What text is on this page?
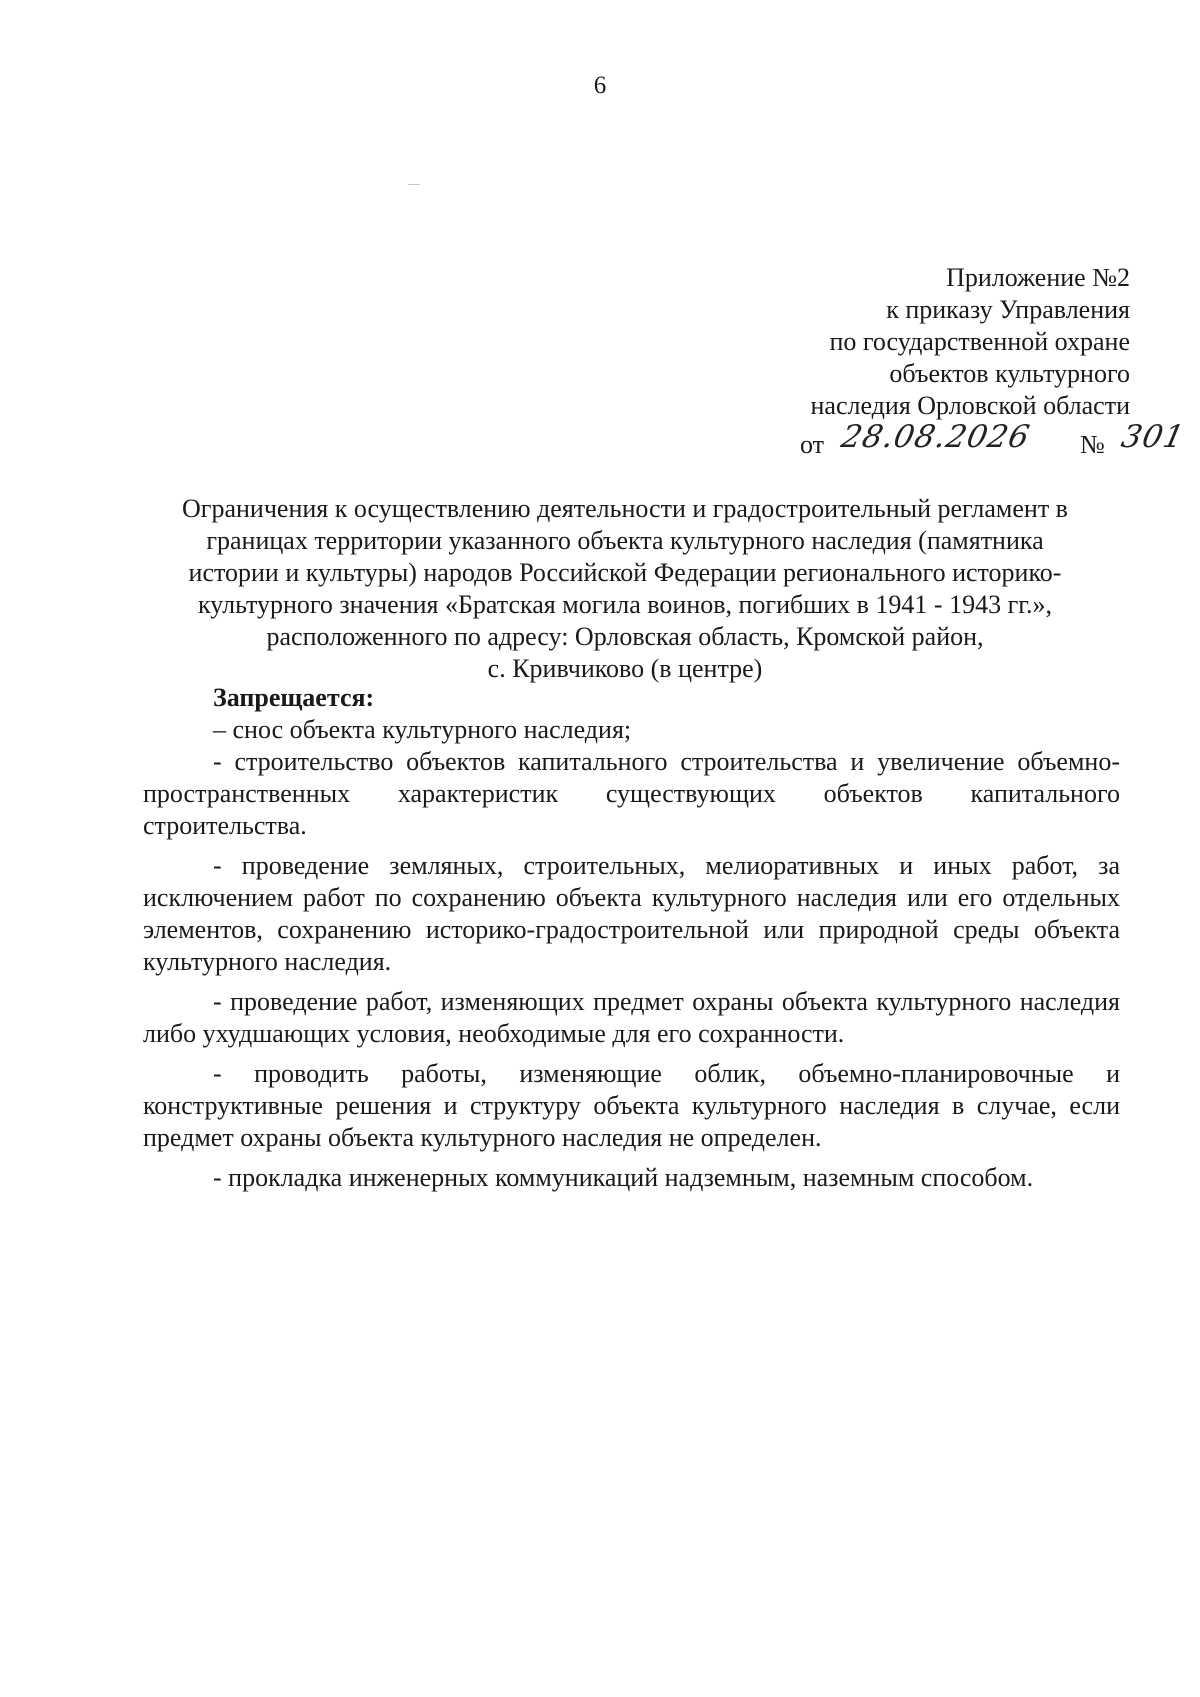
6
Приложение №2
к приказу Управления
по государственной охране
объектов культурного
наследия Орловской области
от 28.08.2026 № 301
Ограничения к осуществлению деятельности и градостроительный регламент в
границах территории указанного объекта культурного наследия (памятника
истории и культуры) народов Российской Федерации регионального историко-
культурного значения «Братская могила воинов, погибших в 1941 - 1943 гг.»,
расположенного по адресу: Орловская область, Кромской район,
с. Кривчиково (в центре)
Запрещается:

– снос объекта культурного наследия;

- строительство объектов капитального строительства и увеличение объемно-пространственных характеристик существующих объектов капитального строительства.

- проведение земляных, строительных, мелиоративных и иных работ, за исключением работ по сохранению объекта культурного наследия или его отдельных элементов, сохранению историко-градостроительной или природной среды объекта культурного наследия.

- проведение работ, изменяющих предмет охраны объекта культурного наследия либо ухудшающих условия, необходимые для его сохранности.

- проводить работы, изменяющие облик, объемно-планировочные и конструктивные решения и структуру объекта культурного наследия в случае, если предмет охраны объекта культурного наследия не определен.

- прокладка инженерных коммуникаций надземным, наземным способом.
